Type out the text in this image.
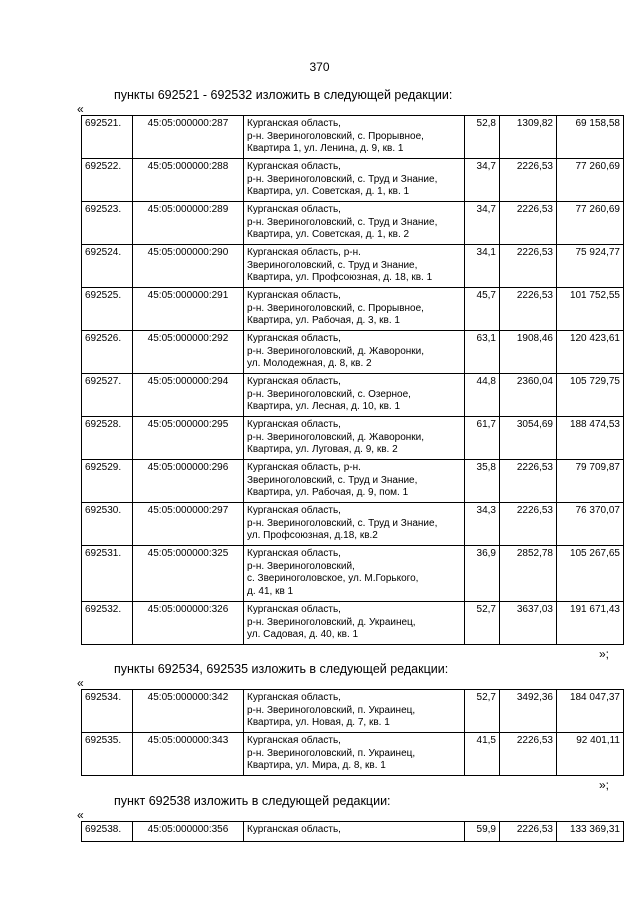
370
пункты 692521 - 692532 изложить в следующей редакции:
«
692521.	45:05:000000:287	Курганская область,
р-н. Звериноголовский, с. Прорывное,
Квартира 1, ул. Ленина, д. 9, кв. 1	52,8	1309,82	69 158,58
692522.	45:05:000000:288	Курганская область,
р-н. Звериноголовский, с. Труд и Знание,
Квартира, ул. Советская, д. 1, кв. 1	34,7	2226,53	77 260,69
692523.	45:05:000000:289	Курганская область,
р-н. Звериноголовский, с. Труд и Знание,
Квартира, ул. Советская, д. 1, кв. 2	34,7	2226,53	77 260,69
692524.	45:05:000000:290	Курганская область, р-н.
Звериноголовский, с. Труд и Знание,
Квартира, ул. Профсоюзная, д. 18, кв. 1	34,1	2226,53	75 924,77
692525.	45:05:000000:291	Курганская область,
р-н. Звериноголовский, с. Прорывное,
Квартира, ул. Рабочая, д. 3, кв. 1	45,7	2226,53	101 752,55
692526.	45:05:000000:292	Курганская область,
р-н. Звериноголовский, д. Жаворонки,
ул. Молодежная, д. 8, кв. 2	63,1	1908,46	120 423,61
692527.	45:05:000000:294	Курганская область,
р-н. Звериноголовский, с. Озерное,
Квартира, ул. Лесная, д. 10, кв. 1	44,8	2360,04	105 729,75
692528.	45:05:000000:295	Курганская область,
р-н. Звериноголовский, д. Жаворонки,
Квартира, ул. Луговая, д. 9, кв. 2	61,7	3054,69	188 474,53
692529.	45:05:000000:296	Курганская область, р-н.
Звериноголовский, с. Труд и Знание,
Квартира, ул. Рабочая, д. 9, пом. 1	35,8	2226,53	79 709,87
692530.	45:05:000000:297	Курганская область,
р-н. Звериноголовский, с. Труд и Знание,
ул. Профсоюзная, д.18, кв.2	34,3	2226,53	76 370,07
692531.	45:05:000000:325	Курганская область,
р-н. Звериноголовский,
с. Звериноголовское, ул. М.Горького,
д. 41, кв 1	36,9	2852,78	105 267,65
692532.	45:05:000000:326	Курганская область,
р-н. Звериноголовский, д. Украинец,
ул. Садовая, д. 40, кв. 1	52,7	3637,03	191 671,43
»;
пункты 692534, 692535 изложить в следующей редакции:
«
692534.	45:05:000000:342	Курганская область,
р-н. Звериноголовский, п. Украинец,
Квартира, ул. Новая, д. 7, кв. 1	52,7	3492,36	184 047,37
692535.	45:05:000000:343	Курганская область,
р-н. Звериноголовский, п. Украинец,
Квартира, ул. Мира, д. 8, кв. 1	41,5	2226,53	92 401,11
»;
пункт 692538 изложить в следующей редакции:
«
692538.	45:05:000000:356	Курганская область,	59,9	2226,53	133 369,31
